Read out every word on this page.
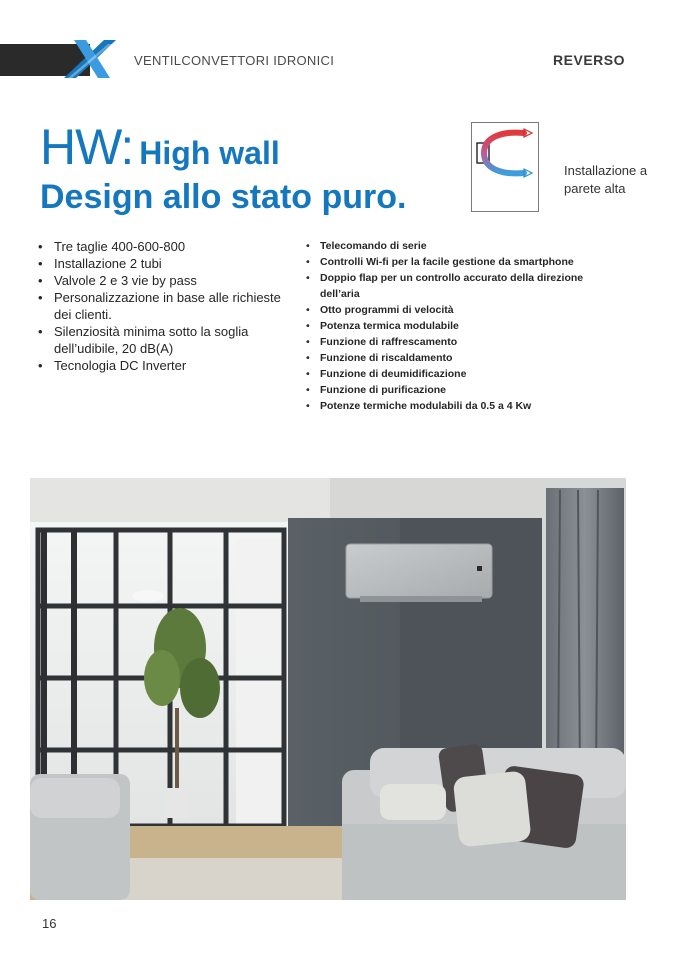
VENTILCONVETTORI IDRONICI	REVERSO
HW: High wall
Design allo stato puro.
Installazione a parete alta
• Tre taglie 400-600-800
• Installazione 2 tubi
• Valvole 2 e 3 vie by pass
• Personalizzazione in base alle richieste dei clienti.
• Silenziosità minima sotto la soglia dell’udibile, 20 dB(A)
• Tecnologia DC Inverter
• Telecomando di serie
• Controlli Wi-fi per la facile gestione da smartphone
• Doppio flap per un controllo accurato della direzione dell’aria
• Otto programmi di velocità
• Potenza termica modulabile
• Funzione di raffrescamento
• Funzione di riscaldamento
• Funzione di deumidificazione
• Funzione di purificazione
• Potenze termiche modulabili da 0.5 a 4 Kw
16
